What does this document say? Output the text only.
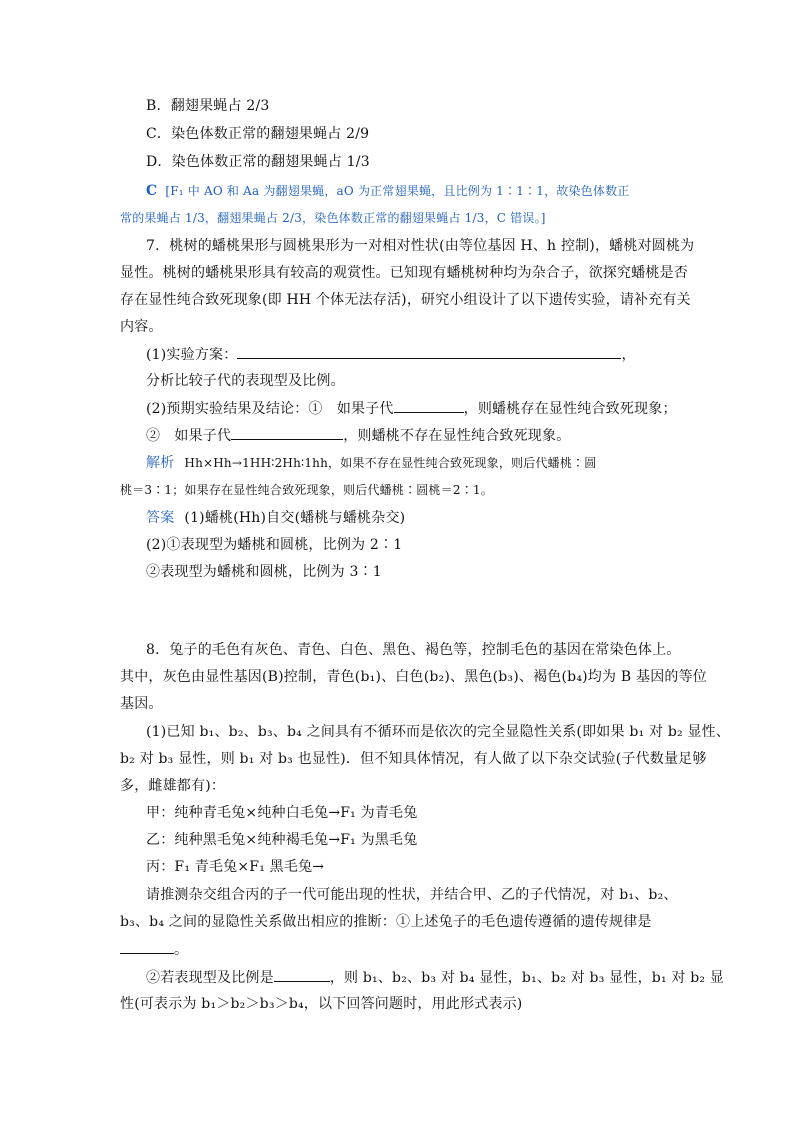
B．翻翅果蝇占 2/3
C．染色体数正常的翻翅果蝇占 2/9
D．染色体数正常的翻翅果蝇占 1/3
C [F₁ 中 AO 和 Aa 为翻翅果蝇，aO 为正常翅果蝇，且比例为 1∶1∶1，故染色体数正
常的果蝇占 1/3，翻翅果蝇占 2/3，染色体数正常的翻翅果蝇占 1/3，C 错误。]
7．桃树的蟠桃果形与圆桃果形为一对相对性状(由等位基因 H、h 控制)，蟠桃对圆桃为
显性。桃树的蟠桃果形具有较高的观赏性。已知现有蟠桃树种均为杂合子，欲探究蟠桃是否
存在显性纯合致死现象(即 HH 个体无法存活)，研究小组设计了以下遗传实验，请补充有关
内容。
(1)实验方案：	，
分析比较子代的表现型及比例。
(2)预期实验结果及结论：①　如果子代	，则蟠桃存在显性纯合致死现象；
②　如果子代	，则蟠桃不存在显性纯合致死现象。
解析 Hh×Hh→1HH∶2Hh∶1hh，如果不存在显性纯合致死现象，则后代蟠桃∶圆
桃＝3∶1；如果存在显性纯合致死现象，则后代蟠桃∶圆桃＝2∶1。
答案 (1)蟠桃(Hh)自交(蟠桃与蟠桃杂交)
(2)①表现型为蟠桃和圆桃，比例为 2∶1
②表现型为蟠桃和圆桃，比例为 3∶1
8．兔子的毛色有灰色、青色、白色、黑色、褐色等，控制毛色的基因在常染色体上。
其中，灰色由显性基因(B)控制，青色(b₁)、白色(b₂)、黑色(b₃)、褐色(b₄)均为 B 基因的等位
基因。
(1)已知 b₁、b₂、b₃、b₄ 之间具有不循环而是依次的完全显隐性关系(即如果 b₁ 对 b₂ 显性、
b₂ 对 b₃ 显性，则 b₁ 对 b₃ 也显性)．但不知具体情况，有人做了以下杂交试验(子代数量足够
多，雌雄都有)：
甲：纯种青毛兔×纯种白毛兔→F₁ 为青毛兔
乙：纯种黑毛兔×纯种褐毛兔→F₁ 为黑毛兔
丙：F₁ 青毛兔×F₁ 黑毛兔→
请推测杂交组合丙的子一代可能出现的性状，并结合甲、乙的子代情况，对 b₁、b₂、
b₃、b₄ 之间的显隐性关系做出相应的推断：①上述兔子的毛色遗传遵循的遗传规律是
。
②若表现型及比例是	，则 b₁、b₂、b₃ 对 b₄ 显性，b₁、b₂ 对 b₃ 显性，b₁ 对 b₂ 显
性(可表示为 b₁＞b₂＞b₃＞b₄，以下回答问题时，用此形式表示)
